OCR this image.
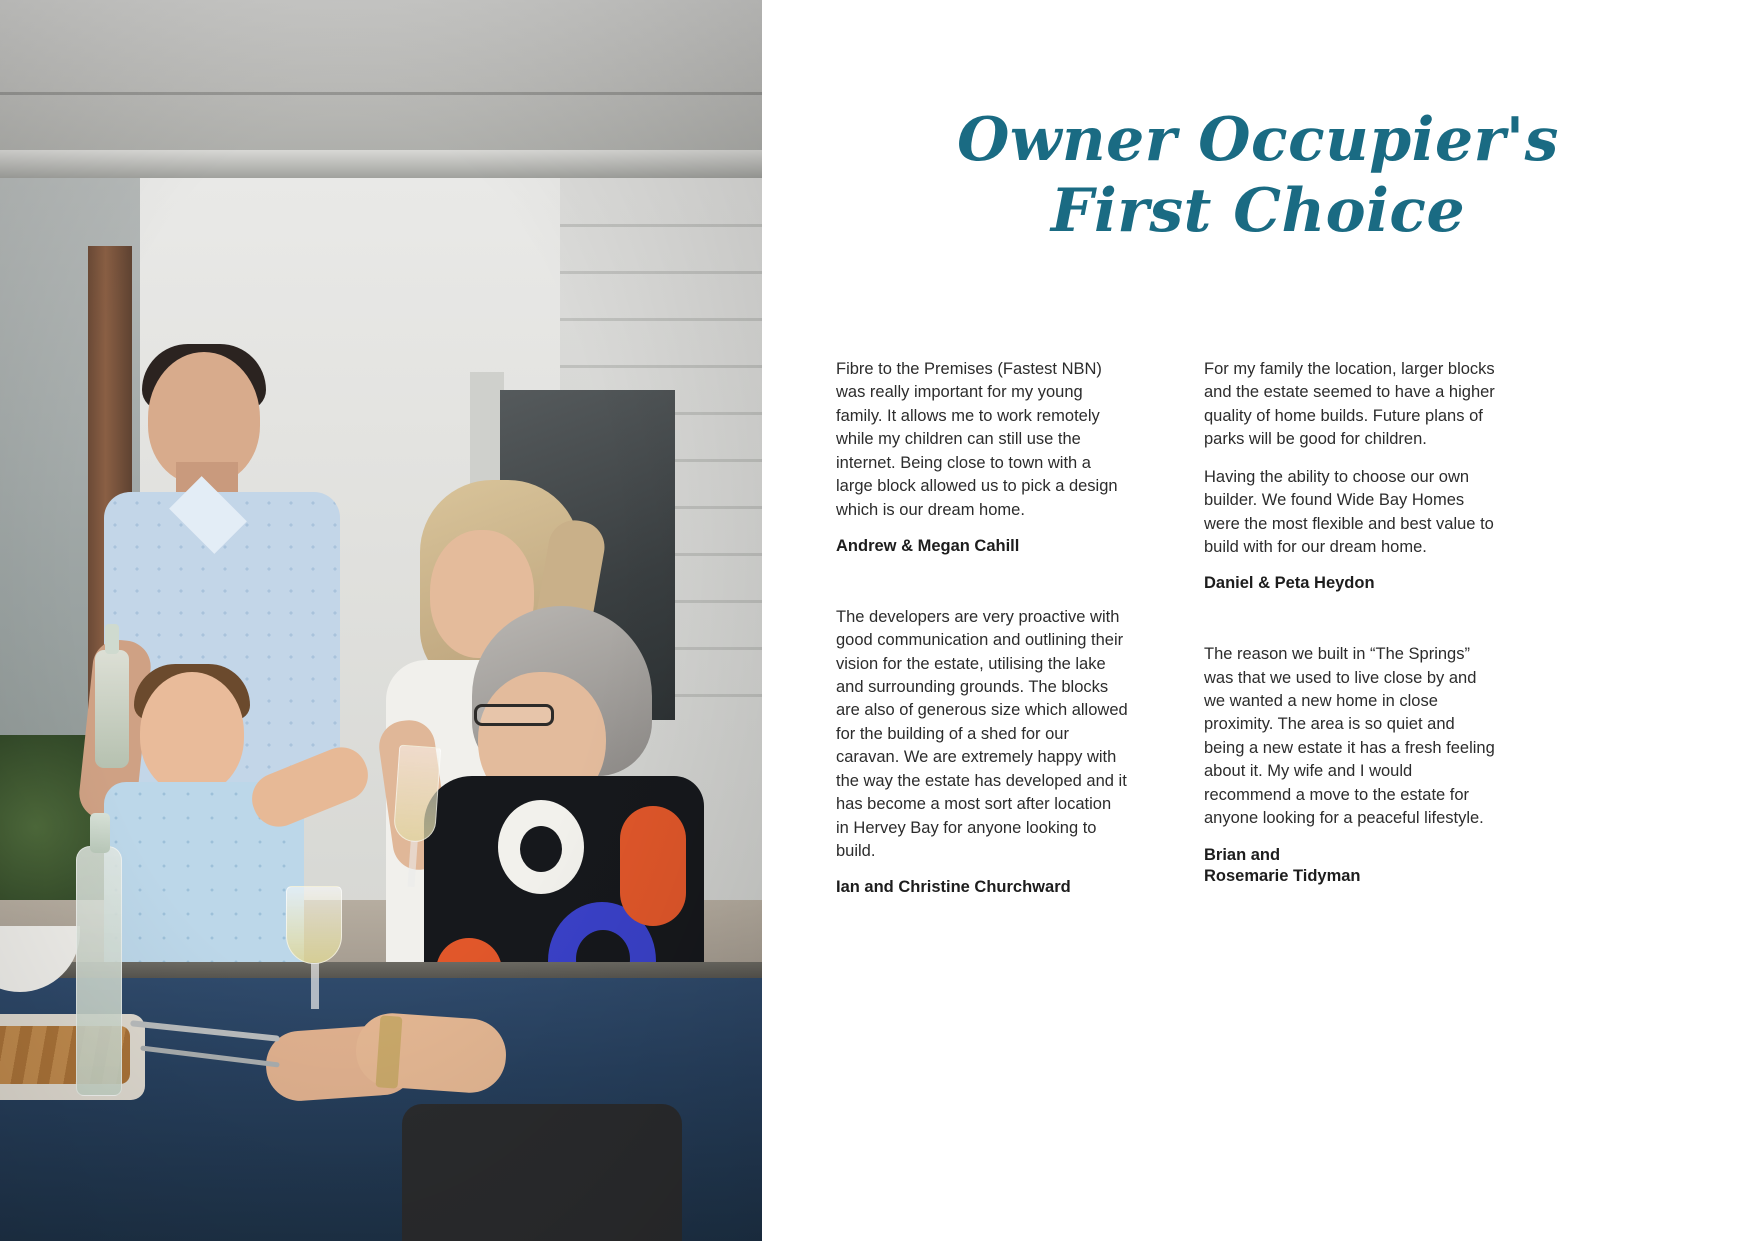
Owner Occupier's
First Choice

Fibre to the Premises (Fastest NBN) was really important for my young family. It allows me to work remotely while my children can still use the internet. Being close to town with a large block allowed us to pick a design which is our dream home.

Andrew & Megan Cahill

The developers are very proactive with good communication and outlining their vision for the estate, utilising the lake and surrounding grounds. The blocks are also of generous size which allowed for the building of a shed for our caravan. We are extremely happy with the way the estate has developed and it has become a most sort after location in Hervey Bay for anyone looking to build.

Ian and Christine Churchward

For my family the location, larger blocks and the estate seemed to have a higher quality of home builds. Future plans of parks will be good for children.

Having the ability to choose our own builder. We found Wide Bay Homes were the most flexible and best value to build with for our dream home.

Daniel & Peta Heydon

The reason we built in “The Springs” was that we used to live close by and we wanted a new home in close proximity. The area is so quiet and being a new estate it has a fresh feeling about it. My wife and I would recommend a move to the estate for anyone looking for a peaceful lifestyle.

Brian and
Rosemarie Tidyman
